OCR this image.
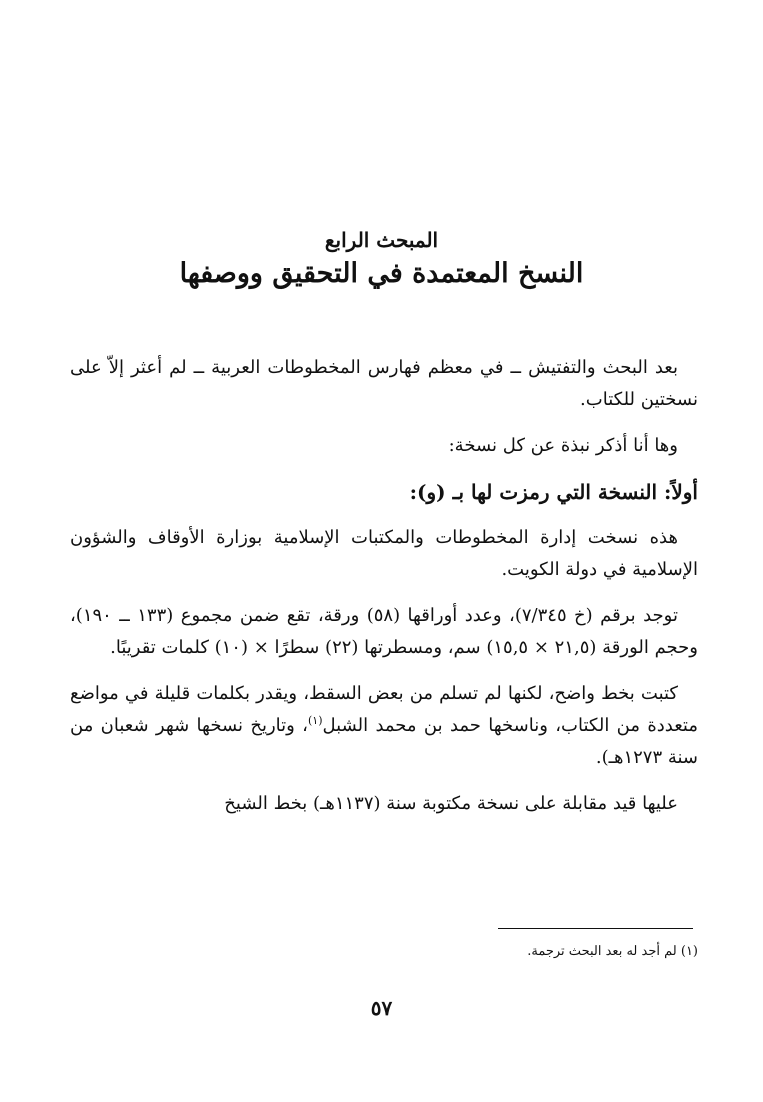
المبحث الرابع
النسخ المعتمدة في التحقيق ووصفها

بعد البحث والتفتيش ــ في معظم فهارس المخطوطات العربية ــ لم أعثر إلاّ على نسختين للكتاب.

وها أنا أذكر نبذة عن كل نسخة:

أولاً: النسخة التي رمزت لها بـ (و):

هذه نسخت إدارة المخطوطات والمكتبات الإسلامية بوزارة الأوقاف والشؤون الإسلامية في دولة الكويت.

توجد برقم (خ ٧/٣٤٥)، وعدد أوراقها (٥٨) ورقة، تقع ضمن مجموع (١٣٣ ــ ١٩٠)، وحجم الورقة (٢١,٥ × ١٥,٥) سم، ومسطرتها (٢٢) سطرًا × (١٠) كلمات تقريبًا.

كتبت بخط واضح، لكنها لم تسلم من بعض السقط، ويقدر بكلمات قليلة في مواضع متعددة من الكتاب، وناسخها حمد بن محمد الشبل$^{(١)}$، وتاريخ نسخها شهر شعبان من سنة ١٢٧٣هـ).

عليها قيد مقابلة على نسخة مكتوبة سنة (١١٣٧هـ) بخط الشيخ

(١) لم أجد له بعد البحث ترجمة.
٥٧
